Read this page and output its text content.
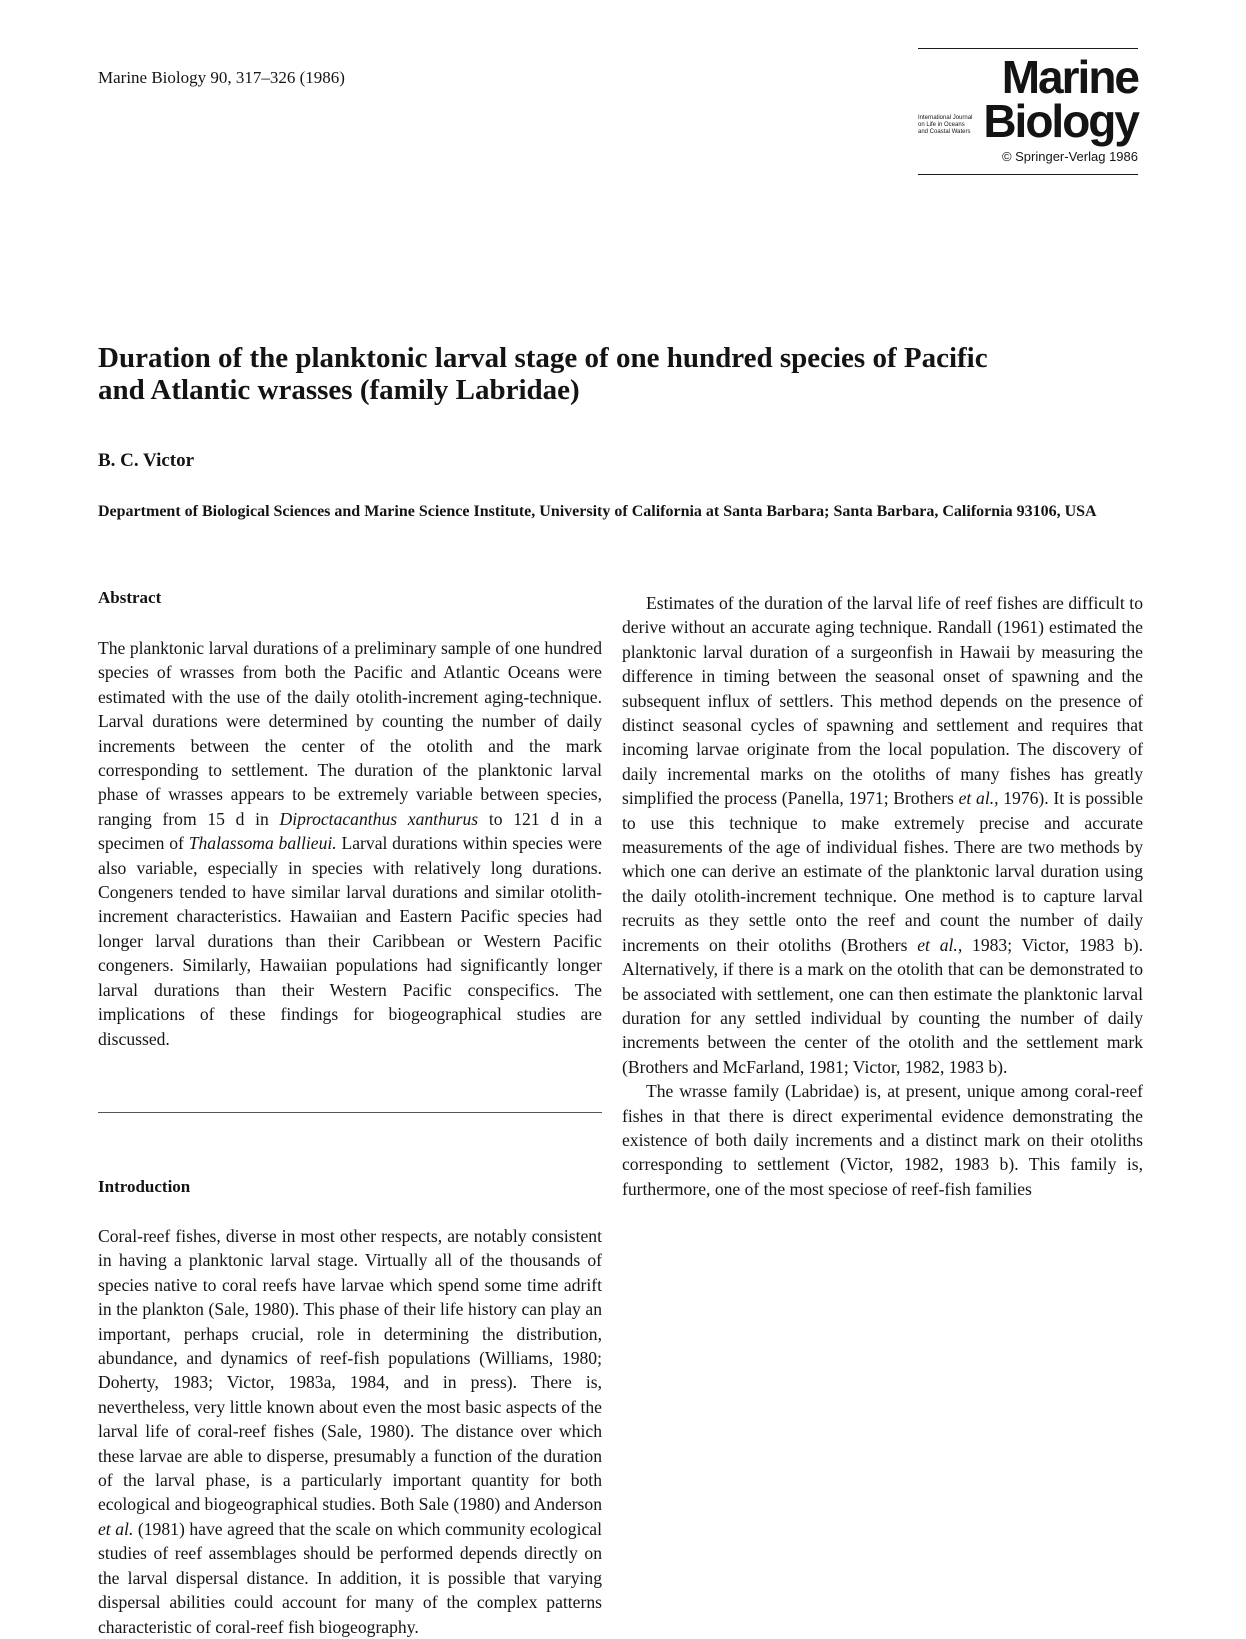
Marine Biology 90, 317–326 (1986)	Marine
International Journal
on Life in Oceans
and Coastal Waters Biology
© Springer-Verlag 1986
Duration of the planktonic larval stage of one hundred species of Pacific
and Atlantic wrasses (family Labridae)
B. C. Victor
Department of Biological Sciences and Marine Science Institute, University of California at Santa Barbara; Santa Barbara, California 93106, USA
Abstract

The planktonic larval durations of a preliminary sample of one hundred species of wrasses from both the Pacific and Atlantic Oceans were estimated with the use of the daily otolith-increment aging-technique. Larval durations were determined by counting the number of daily increments between the center of the otolith and the mark corresponding to settlement. The duration of the planktonic larval phase of wrasses appears to be extremely variable between species, ranging from 15 d in Diproctacanthus xanthurus to 121 d in a specimen of Thalassoma ballieui. Larval durations within species were also variable, especially in species with relatively long durations. Congeners tended to have similar larval durations and similar otolith-increment characteristics. Hawaiian and Eastern Pacific species had longer larval durations than their Caribbean or Western Pacific congeners. Similarly, Hawaiian populations had significantly longer larval durations than their Western Pacific conspecifics. The implications of these findings for biogeographical studies are discussed.

Introduction

Coral-reef fishes, diverse in most other respects, are notably consistent in having a planktonic larval stage. Virtually all of the thousands of species native to coral reefs have larvae which spend some time adrift in the plankton (Sale, 1980). This phase of their life history can play an important, perhaps crucial, role in determining the distribution, abundance, and dynamics of reef-fish populations (Williams, 1980; Doherty, 1983; Victor, 1983a, 1984, and in press). There is, nevertheless, very little known about even the most basic aspects of the larval life of coral-reef fishes (Sale, 1980). The distance over which these larvae are able to disperse, presumably a function of the duration of the larval phase, is a particularly important quantity for both ecological and biogeographical studies. Both Sale (1980) and Anderson et al. (1981) have agreed that the scale on which community ecological studies of reef assemblages should be performed depends directly on the larval dispersal distance. In addition, it is possible that varying dispersal abilities could account for many of the complex patterns characteristic of coral-reef fish biogeography.

Estimates of the duration of the larval life of reef fishes are difficult to derive without an accurate aging technique. Randall (1961) estimated the planktonic larval duration of a surgeonfish in Hawaii by measuring the difference in timing between the seasonal onset of spawning and the subsequent influx of settlers. This method depends on the presence of distinct seasonal cycles of spawning and settlement and requires that incoming larvae originate from the local population. The discovery of daily incremental marks on the otoliths of many fishes has greatly simplified the process (Panella, 1971; Brothers et al., 1976). It is possible to use this technique to make extremely precise and accurate measurements of the age of individual fishes. There are two methods by which one can derive an estimate of the planktonic larval duration using the daily otolith-increment technique. One method is to capture larval recruits as they settle onto the reef and count the number of daily increments on their otoliths (Brothers et al., 1983; Victor, 1983 b). Alternatively, if there is a mark on the otolith that can be demonstrated to be associated with settlement, one can then estimate the planktonic larval duration for any settled individual by counting the number of daily increments between the center of the otolith and the settlement mark (Brothers and McFarland, 1981; Victor, 1982, 1983 b).

The wrasse family (Labridae) is, at present, unique among coral-reef fishes in that there is direct experimental evidence demonstrating the existence of both daily increments and a distinct mark on their otoliths corresponding to settlement (Victor, 1982, 1983 b). This family is, furthermore, one of the most speciose of reef-fish families
